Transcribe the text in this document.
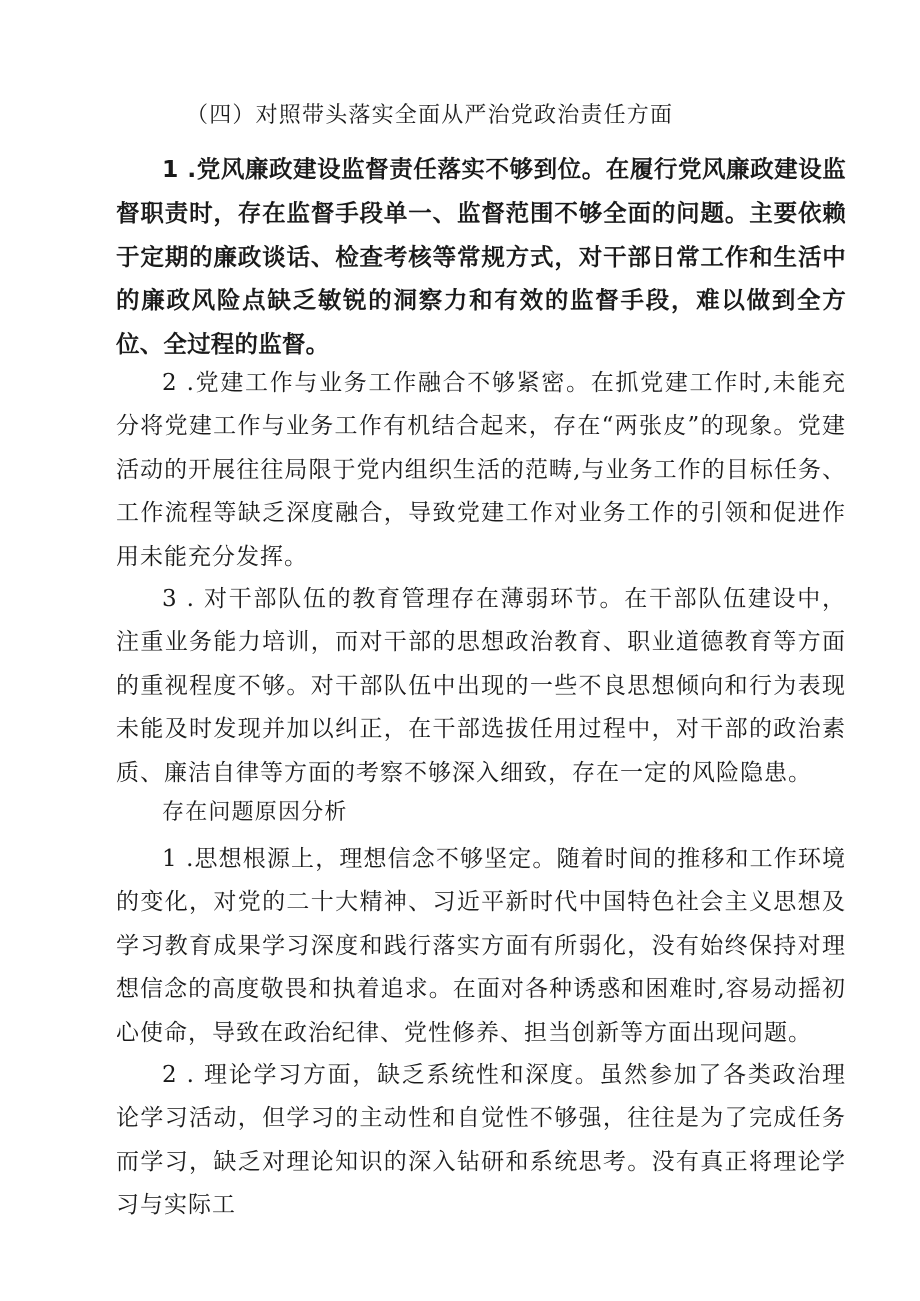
（四）对照带头落实全面从严治党政治责任方面

1 .党风廉政建设监督责任落实不够到位。在履行党风廉政建设监督职责时，存在监督手段单一、监督范围不够全面的问题。主要依赖于定期的廉政谈话、检查考核等常规方式，对干部日常工作和生活中的廉政风险点缺乏敏锐的洞察力和有效的监督手段，难以做到全方位、全过程的监督。

2 .党建工作与业务工作融合不够紧密。在抓党建工作时,未能充分将党建工作与业务工作有机结合起来，存在“两张皮”的现象。党建活动的开展往往局限于党内组织生活的范畴,与业务工作的目标任务、工作流程等缺乏深度融合，导致党建工作对业务工作的引领和促进作用未能充分发挥。

3 . 对干部队伍的教育管理存在薄弱环节。在干部队伍建设中，注重业务能力培训，而对干部的思想政治教育、职业道德教育等方面的重视程度不够。对干部队伍中出现的一些不良思想倾向和行为表现未能及时发现并加以纠正，在干部选拔任用过程中，对干部的政治素质、廉洁自律等方面的考察不够深入细致，存在一定的风险隐患。

存在问题原因分析

1 .思想根源上，理想信念不够坚定。随着时间的推移和工作环境的变化，对党的二十大精神、习近平新时代中国特色社会主义思想及学习教育成果学习深度和践行落实方面有所弱化，没有始终保持对理想信念的高度敬畏和执着追求。在面对各种诱惑和困难时,容易动摇初心使命，导致在政治纪律、党性修养、担当创新等方面出现问题。

2 . 理论学习方面，缺乏系统性和深度。虽然参加了各类政治理论学习活动，但学习的主动性和自觉性不够强，往往是为了完成任务而学习，缺乏对理论知识的深入钻研和系统思考。没有真正将理论学习与实际工
